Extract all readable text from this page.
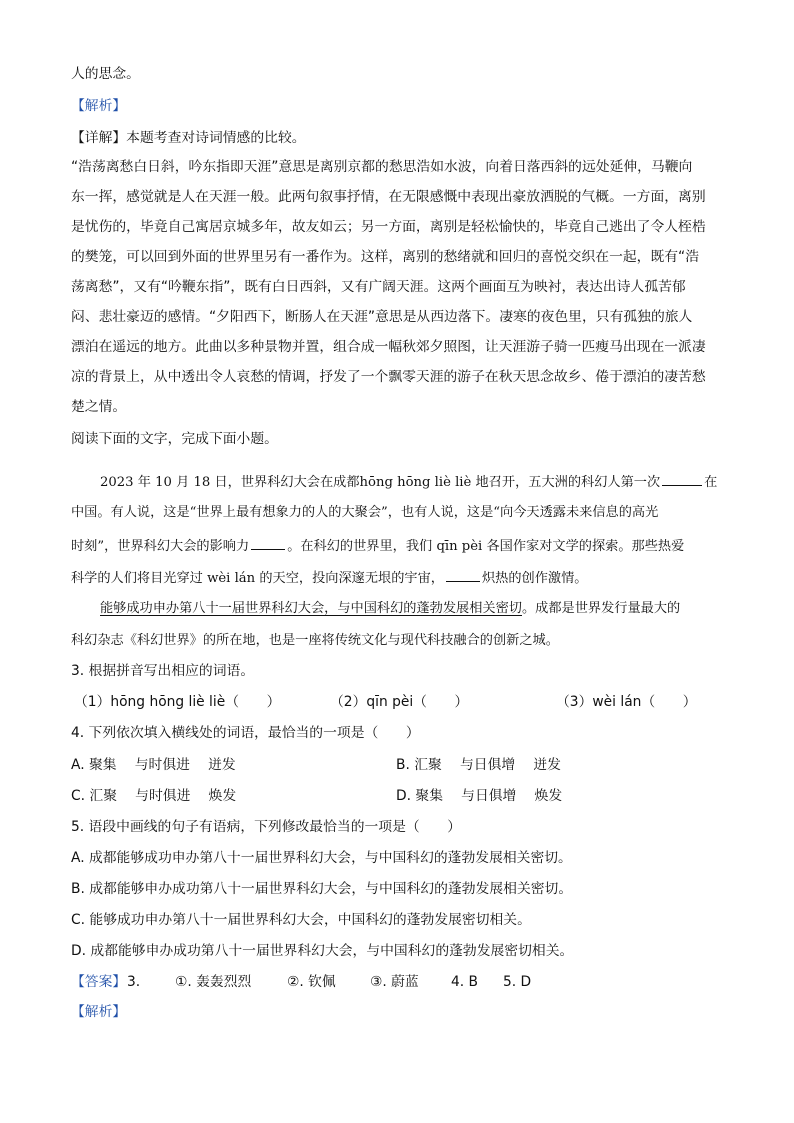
人的思念。
【解析】
【详解】本题考查对诗词情感的比较。
“浩荡离愁白日斜，吟东指即天涯”意思是离别京都的愁思浩如水波，向着日落西斜的远处延伸，马鞭向
东一挥，感觉就是人在天涯一般。此两句叙事抒情，在无限感慨中表现出豪放洒脱的气概。一方面，离别
是忧伤的，毕竟自己寓居京城多年，故友如云；另一方面，离别是轻松愉快的，毕竟自己逃出了令人桎梏
的樊笼，可以回到外面的世界里另有一番作为。这样，离别的愁绪就和回归的喜悦交织在一起，既有“浩
荡离愁”，又有“吟鞭东指”，既有白日西斜，又有广阔天涯。这两个画面互为映衬，表达出诗人孤苦郁
闷、悲壮豪迈的感情。“夕阳西下，断肠人在天涯”意思是从西边落下。凄寒的夜色里，只有孤独的旅人
漂泊在遥远的地方。此曲以多种景物并置，组合成一幅秋郊夕照图，让天涯游子骑一匹瘦马出现在一派凄
凉的背景上，从中透出令人哀愁的情调，抒发了一个飘零天涯的游子在秋天思念故乡、倦于漂泊的凄苦愁
楚之情。
阅读下面的文字，完成下面小题。
2023 年 10 月 18 日，世界科幻大会在成都hōng hōng liè liè 地召开，五大洲的科幻人第一次	在
中国。有人说，这是“世界上最有想象力的人的大聚会”，也有人说，这是“向今天透露未来信息的高光
时刻”，世界科幻大会的影响力	。在科幻的世界里，我们 qīn pèi 各国作家对文学的探索。那些热爱
科学的人们将目光穿过 wèi lán 的天空，投向深邃无垠的宇宙，	炽热的创作激情。
能够成功申办第八十一届世界科幻大会，与中国科幻的蓬勃发展相关密切。成都是世界发行量最大的
科幻杂志《科幻世界》的所在地，也是一座将传统文化与现代科技融合的创新之城。
3. 根据拼音写出相应的词语。
（1）hōng hōng liè liè（　　）	（2）qīn pèi（　　）	（3）wèi lán（　　）
4. 下列依次填入横线处的词语，最恰当的一项是（　　）
A. 聚集　 与时俱进　 迸发	B. 汇聚　 与日俱增　 迸发
C. 汇聚　 与时俱进　 焕发	D. 聚集　 与日俱增　 焕发
5. 语段中画线的句子有语病，下列修改最恰当的一项是（　　）
A. 成都能够成功申办第八十一届世界科幻大会，与中国科幻的蓬勃发展相关密切。
B. 成都能够申办成功第八十一届世界科幻大会，与中国科幻的蓬勃发展相关密切。
C. 能够成功申办第八十一届世界科幻大会，中国科幻的蓬勃发展密切相关。
D. 成都能够申办成功第八十一届世界科幻大会，与中国科幻的蓬勃发展密切相关。
【答案】 3.	①. 轰轰烈烈	②. 钦佩 ③. 蔚蓝 4. B 5. D
【解析】
